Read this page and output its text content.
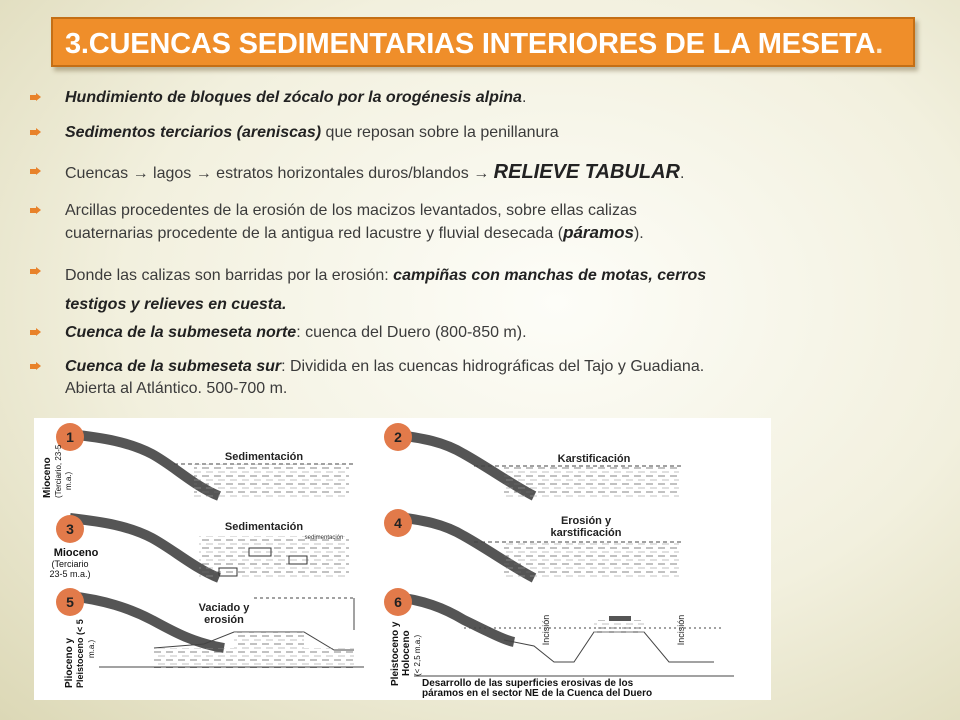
3.CUENCAS SEDIMENTARIAS INTERIORES DE LA MESETA.
Hundimiento de bloques del zócalo por la orogénesis alpina.
Sedimentos terciarios (areniscas) que reposan sobre la penillanura
Cuencas → lagos → estratos horizontales duros/blandos → RELIEVE TABULAR.
Arcillas procedentes de la erosión de los macizos levantados, sobre ellas calizas
cuaternarias procedente de la antigua red lacustre y fluvial desecada (páramos).
Donde las calizas son barridas por la erosión: campiñas con manchas de motas, cerros
testigos y relieves en cuesta.
Cuenca de la submeseta norte: cuenca del Duero (800-850 m).
Cuenca de la submeseta sur: Dividida en las cuencas hidrográficas del Tajo y Guadiana.
Abierta al Atlántico. 500-700 m.
1
Sedimentación
Mioceno (Terciario, 23-5 m.a.)
2
Karstificación
3	Sedimentación
sedimentación
Mioceno
(Terciario
23-5 m.a.)
4	Erosión y
karstificación
5	Vaciado y
erosión
Plioceno y Pleistoceno (< 5 m.a.)
6
Incisión	Incisión
Pleistoceno y Holoceno (< 2,5 m.a.)
Desarrollo de las superficies erosivas de los
páramos en el sector NE de la Cuenca del Duero
